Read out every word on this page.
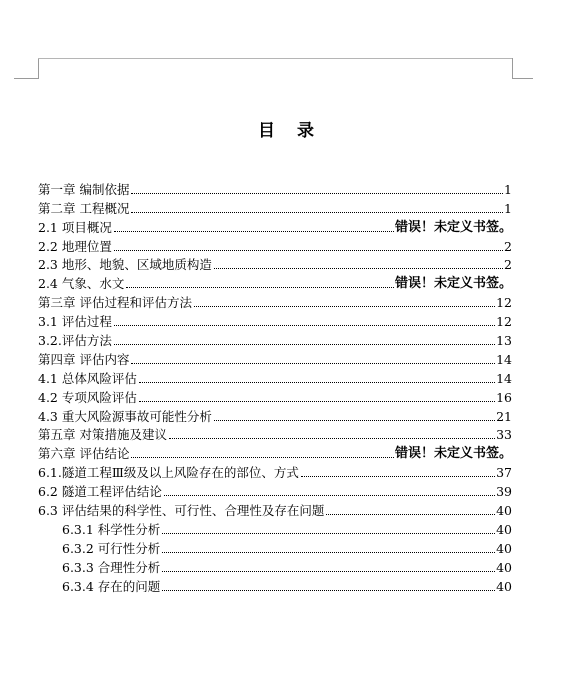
目 录
第一章 编制依据	1
第二章 工程概况	1
2.1 项目概况	错误！未定义书签。
2.2 地理位置	2
2.3 地形、地貌、区域地质构造	2
2.4 气象、水文	错误！未定义书签。
第三章 评估过程和评估方法	12
3.1 评估过程	12
3.2.评估方法	13
第四章 评估内容	14
4.1 总体风险评估	14
4.2 专项风险评估	16
4.3 重大风险源事故可能性分析	21
第五章 对策措施及建议	33
第六章 评估结论	错误！未定义书签。
6.1.隧道工程Ⅲ级及以上风险存在的部位、方式	37
6.2 隧道工程评估结论	39
6.3 评估结果的科学性、可行性、合理性及存在问题	40
6.3.1 科学性分析	40
6.3.2 可行性分析	40
6.3.3 合理性分析	40
6.3.4 存在的问题	40
